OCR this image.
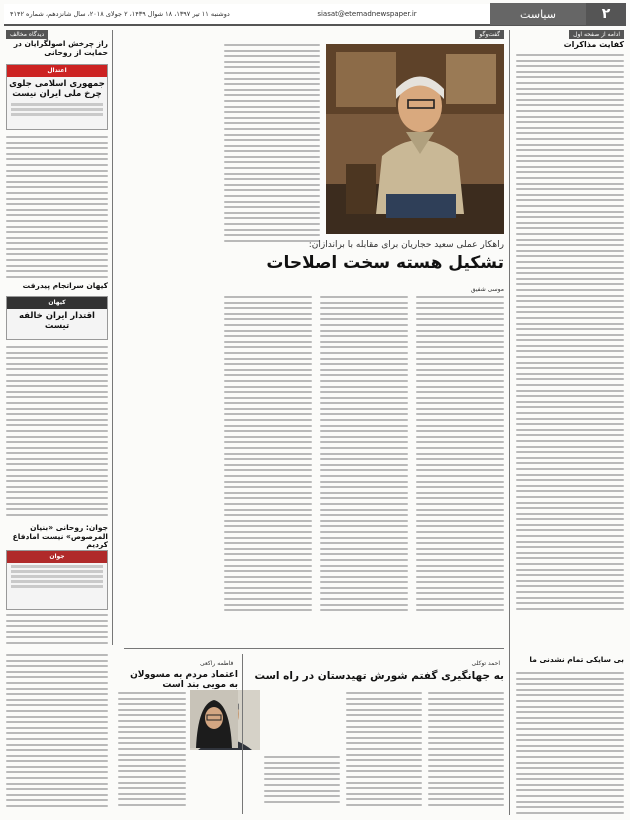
۲
سیاست
siasat@etemadnewspaper.ir
دوشنبه ۱۱ تیر ۱۳۹۷، ۱۸ شوال ۱۴۳۹، ۲ جولای ۲۰۱۸، سال شانزدهم، شماره ۴۱۴۲
ادامه از صفحه اول
کفایت مذاکرات
بی سایکی تمام نشدنی ما
گفت‌وگو
راهکار عملی سعید حجاریان برای مقابله با براندازان:
تشکیل هسته سخت اصلاحات
موسی شفیق
دیدگاه مخالف
راز چرخش اصولگرایان در حمایت از روحانی
اعتدال
جمهوری اسلامی جلوی چرخ ملی ایران نیست
کیهان سراتجام پیدرفت
کیهان
اقتدار ایران خالفه تیست
جوان: روحانی «بنیان المرصوص» نیست امادفاع کردیم
جوان
احمد توکلی
به جهانگیری گفتم شورش تهیدستان در راه است
فاطمه راکعی
اعتماد مردم به مسوولان به مویی بند است
